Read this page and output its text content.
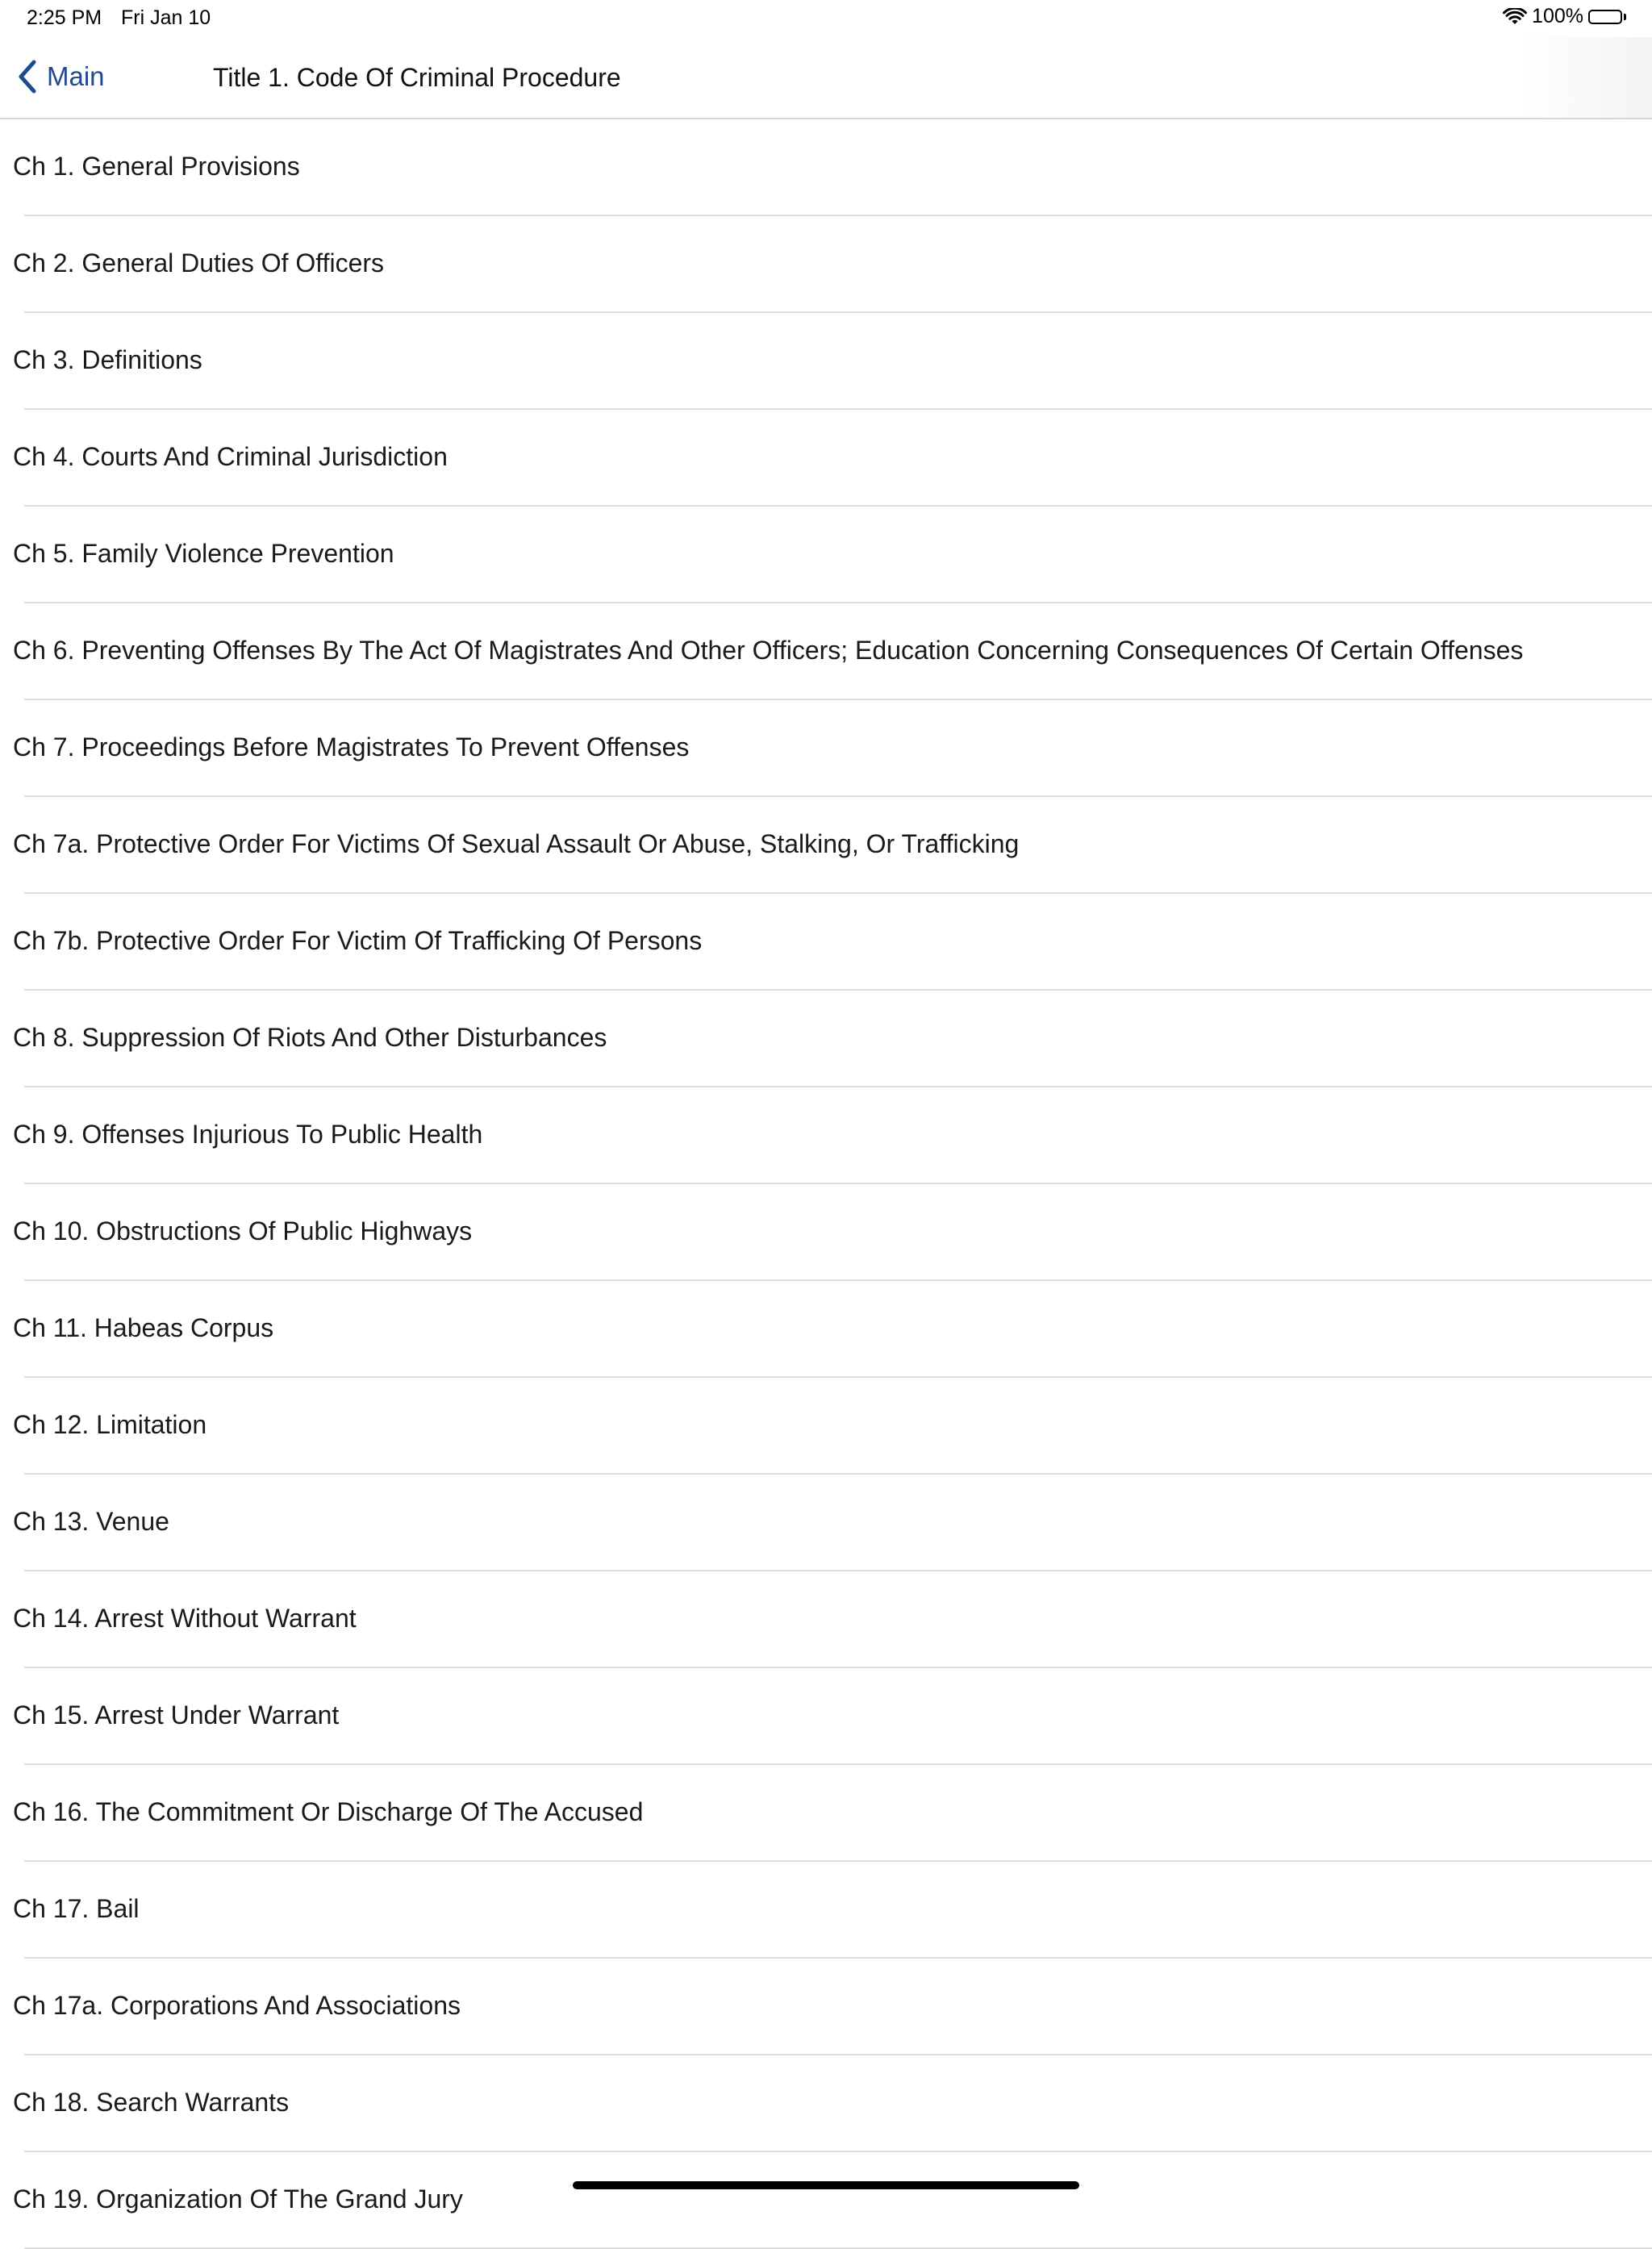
2:25 PM Fri Jan 10	100%
Main	Title 1. Code Of Criminal Procedure
Ch 1. General Provisions
Ch 2. General Duties Of Officers
Ch 3. Definitions
Ch 4. Courts And Criminal Jurisdiction
Ch 5. Family Violence Prevention
Ch 6. Preventing Offenses By The Act Of Magistrates And Other Officers; Education Concerning Consequences Of Certain Offenses
Ch 7. Proceedings Before Magistrates To Prevent Offenses
Ch 7a. Protective Order For Victims Of Sexual Assault Or Abuse, Stalking, Or Trafficking
Ch 7b. Protective Order For Victim Of Trafficking Of Persons
Ch 8. Suppression Of Riots And Other Disturbances
Ch 9. Offenses Injurious To Public Health
Ch 10. Obstructions Of Public Highways
Ch 11. Habeas Corpus
Ch 12. Limitation
Ch 13. Venue
Ch 14. Arrest Without Warrant
Ch 15. Arrest Under Warrant
Ch 16. The Commitment Or Discharge Of The Accused
Ch 17. Bail
Ch 17a. Corporations And Associations
Ch 18. Search Warrants
Ch 19. Organization Of The Grand Jury
